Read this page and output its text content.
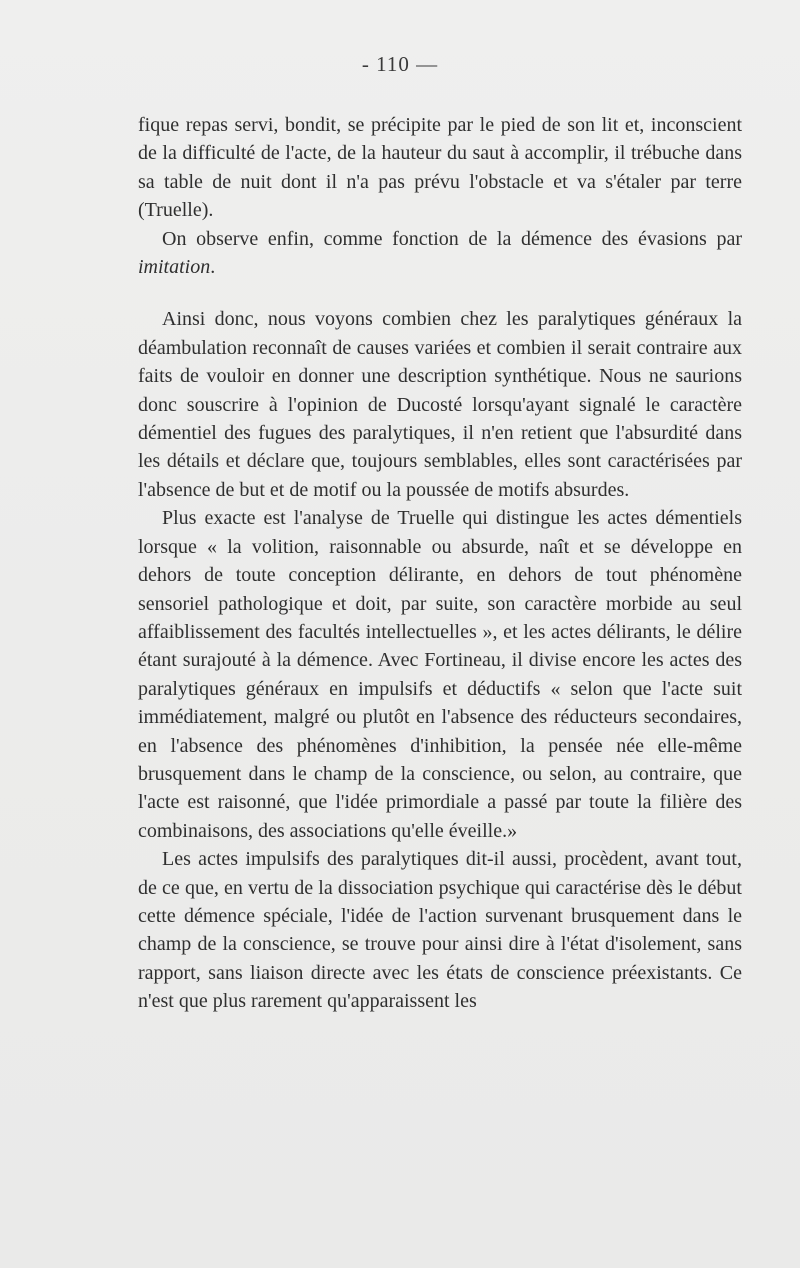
- 110 —

fique repas servi, bondit, se précipite par le pied de son lit et, inconscient de la difficulté de l'acte, de la hauteur du saut à accomplir, il trébuche dans sa table de nuit dont il n'a pas prévu l'obstacle et va s'étaler par terre (Truelle).

On observe enfin, comme fonction de la démence des évasions par imitation.

Ainsi donc, nous voyons combien chez les paralytiques généraux la déambulation reconnaît de causes variées et combien il serait contraire aux faits de vouloir en donner une description synthétique. Nous ne saurions donc souscrire à l'opinion de Ducosté lorsqu'ayant signalé le caractère démentiel des fugues des paralytiques, il n'en retient que l'absurdité dans les détails et déclare que, toujours semblables, elles sont caractérisées par l'absence de but et de motif ou la poussée de motifs absurdes.

Plus exacte est l'analyse de Truelle qui distingue les actes démentiels lorsque « la volition, raisonnable ou absurde, naît et se développe en dehors de toute conception délirante, en dehors de tout phénomène sensoriel pathologique et doit, par suite, son caractère morbide au seul affaiblissement des facultés intellectuelles », et les actes délirants, le délire étant surajouté à la démence. Avec Fortineau, il divise encore les actes des paralytiques généraux en impulsifs et déductifs « selon que l'acte suit immédiatement, malgré ou plutôt en l'absence des réducteurs secondaires, en l'absence des phénomènes d'inhibition, la pensée née elle-même brusquement dans le champ de la conscience, ou selon, au contraire, que l'acte est raisonné, que l'idée primordiale a passé par toute la filière des combinaisons, des associations qu'elle éveille.»

Les actes impulsifs des paralytiques dit-il aussi, procèdent, avant tout, de ce que, en vertu de la dissociation psychique qui caractérise dès le début cette démence spéciale, l'idée de l'action survenant brusquement dans le champ de la conscience, se trouve pour ainsi dire à l'état d'isolement, sans rapport, sans liaison directe avec les états de conscience préexistants. Ce n'est que plus rarement qu'apparaissent les
